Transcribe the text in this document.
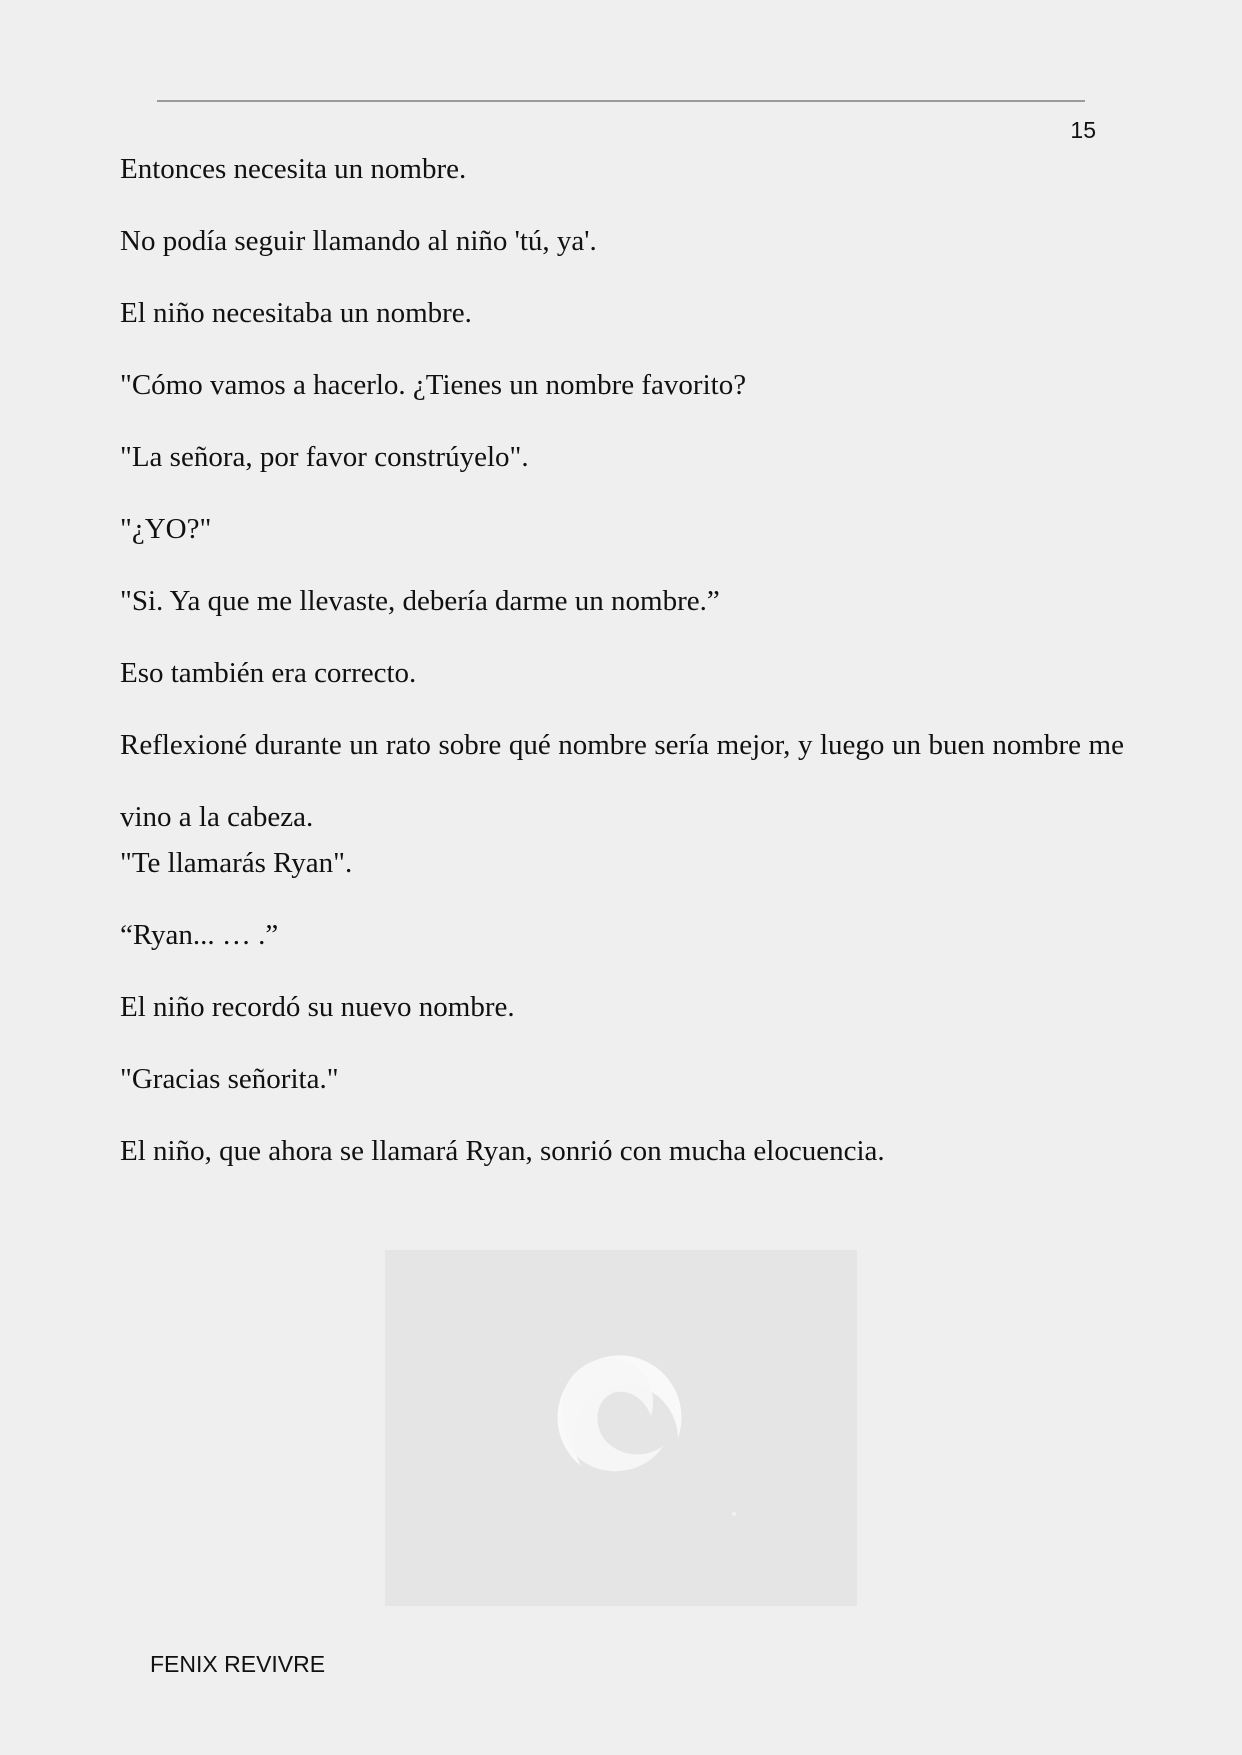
15

Entonces necesita un nombre.

No podía seguir llamando al niño 'tú, ya'.

El niño necesitaba un nombre.

"Cómo vamos a hacerlo. ¿Tienes un nombre favorito?

"La señora, por favor constrúyelo".

"¿YO?"

"Si. Ya que me llevaste, debería darme un nombre.”

Eso también era correcto.

Reflexioné durante un rato sobre qué nombre sería mejor, y luego un buen nombre me vino a la cabeza.

"Te llamarás Ryan".

“Ryan... … .”

El niño recordó su nuevo nombre.

"Gracias señorita."

El niño, que ahora se llamará Ryan, sonrió con mucha elocuencia.

FENIX REVIVRE
